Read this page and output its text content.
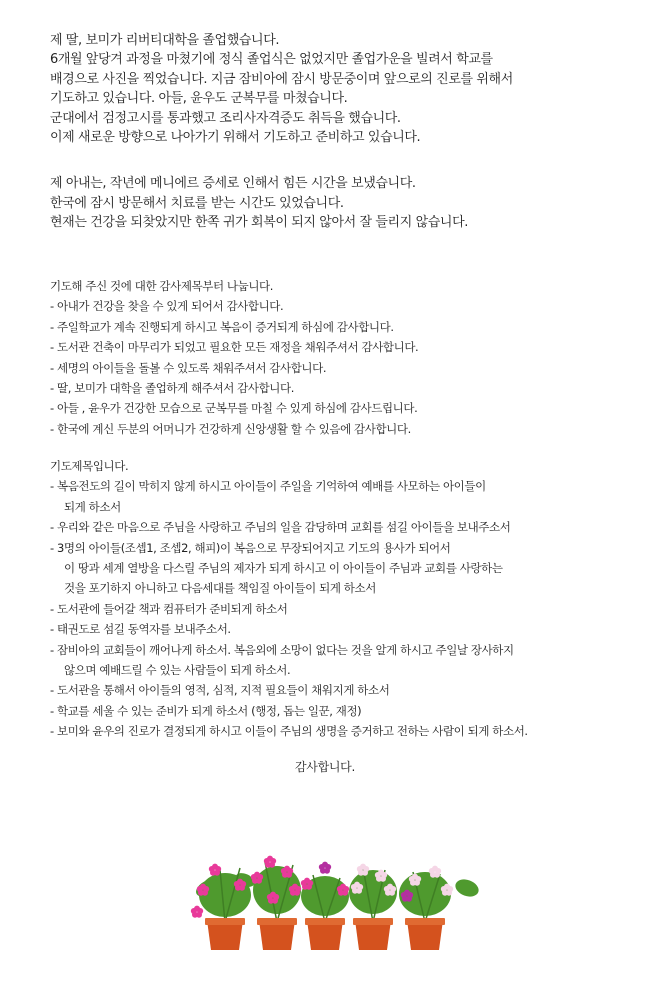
제 딸, 보미가 리버티대학을 졸업했습니다.

6개월 앞당겨 과정을 마쳤기에 정식 졸업식은 없었지만 졸업가운을 빌려서 학교를

배경으로 사진을 찍었습니다. 지금 잠비아에 잠시 방문중이며 앞으로의 진로를 위해서

기도하고 있습니다. 아들, 윤우도 군복무를 마쳤습니다.

군대에서 검정고시를 통과했고 조리사자격증도 취득을 했습니다.

이제 새로운 방향으로 나아가기 위해서 기도하고 준비하고 있습니다.

제 아내는, 작년에 메니에르 증세로 인해서 힘든 시간을 보냈습니다.

한국에 잠시 방문해서 치료를 받는 시간도 있었습니다.

현재는 건강을 되찾았지만 한쪽 귀가 회복이 되지 않아서 잘 들리지 않습니다.

기도해 주신 것에 대한 감사제목부터 나눕니다.

- 아내가 건강을 찾을 수 있게 되어서 감사합니다.

- 주일학교가 계속 진행되게 하시고 복음이 증거되게 하심에 감사합니다.

- 도서관 건축이 마무리가 되었고 필요한 모든 재정을 채워주셔서 감사합니다.

- 세명의 아이들을 돌볼 수 있도록 채워주셔서 감사합니다.

- 딸, 보미가 대학을 졸업하게 해주셔서 감사합니다.

- 아들 , 윤우가 건강한 모습으로 군복무를 마칠 수 있게 하심에 감사드립니다.

- 한국에 계신 두분의 어머니가 건강하게 신앙생활 할 수 있음에 감사합니다.

기도제목입니다.

- 복음전도의 길이 막히지 않게 하시고 아이들이 주일을 기억하여 예배를 사모하는 아이들이

되게 하소서

- 우리와 같은 마음으로 주님을 사랑하고 주님의 일을 감당하며 교회를 섬길 아이들을 보내주소서

- 3명의 아이들(조셉1, 조셉2, 해피)이 복음으로 무장되어지고 기도의 용사가 되어서

이 땅과 세계 열방을 다스릴 주님의 제자가 되게 하시고 이 아이들이 주님과 교회를 사랑하는

것을 포기하지 아니하고 다음세대를 책임질 아이들이 되게 하소서

- 도서관에 들어갈 책과 컴퓨터가 준비되게 하소서

- 태권도로 섬길 동역자를 보내주소서.

- 잠비아의 교회들이 깨어나게 하소서. 복음외에 소망이 없다는 것을 알게 하시고 주일날 장사하지

않으며 예배드릴 수 있는 사람들이 되게 하소서.

- 도서관을 통해서 아이들의 영적, 심적, 지적 필요들이 채워지게 하소서

- 학교를 세울 수 있는 준비가 되게 하소서 (행정, 돕는 일꾼, 재정)

- 보미와 윤우의 진로가 결정되게 하시고 이들이 주님의 생명을 증거하고 전하는 사람이 되게 하소서.

감사합니다.
